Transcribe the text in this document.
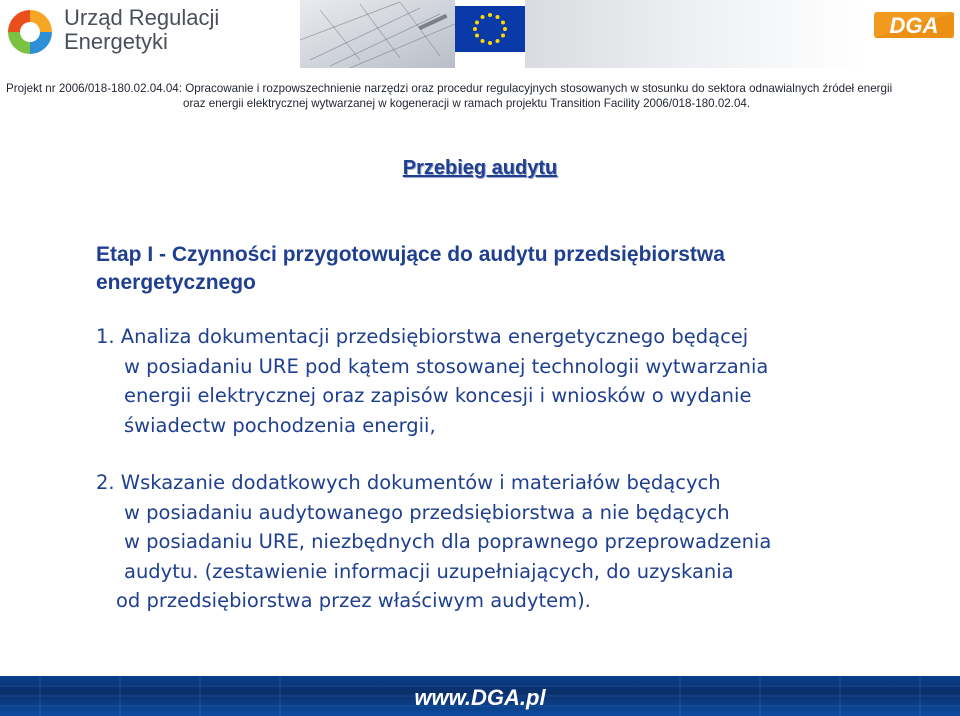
Urząd Regulacji
Energetyki
DGA
Projekt nr 2006/018-180.02.04.04: Opracowanie i rozpowszechnienie narzędzi oraz procedur regulacyjnych stosowanych w stosunku do sektora odnawialnych źródeł energii
oraz energii elektrycznej wytwarzanej w kogeneracji w ramach projektu Transition Facility 2006/018-180.02.04.
Przebieg audytu
Etap I - Czynności przygotowujące do audytu przedsiębiorstwa
energetycznego
1. Analiza dokumentacji przedsiębiorstwa energetycznego będącej
w posiadaniu URE pod kątem stosowanej technologii wytwarzania
energii elektrycznej oraz zapisów koncesji i wniosków o wydanie
świadectw pochodzenia energii,
2. Wskazanie dodatkowych dokumentów i materiałów będących
w posiadaniu audytowanego przedsiębiorstwa a nie będących
w posiadaniu URE, niezbędnych dla poprawnego przeprowadzenia
audytu. (zestawienie informacji uzupełniających, do uzyskania
od przedsiębiorstwa przez właściwym audytem).
www.DGA.pl
